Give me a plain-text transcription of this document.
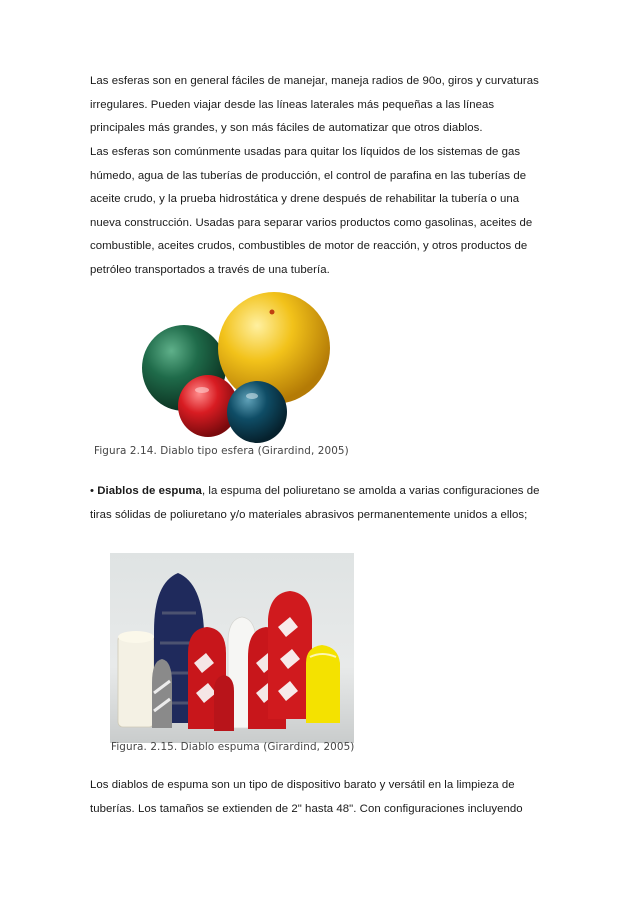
Las esferas son en general fáciles de manejar, maneja radios de 90o, giros y curvaturas irregulares. Pueden viajar desde las líneas laterales más pequeñas a las líneas principales más grandes, y son más fáciles de automatizar que otros diablos.

Las esferas son comúnmente usadas para quitar los líquidos de los sistemas de gas húmedo, agua de las tuberías de producción, el control de parafina en las tuberías de aceite crudo, y la prueba hidrostática y drene después de rehabilitar la tubería o una nueva construcción. Usadas para separar varios productos como gasolinas, aceites de combustible, aceites crudos, combustibles de motor de reacción, y otros productos de petróleo transportados a través de una tubería.

Figura 2.14. Diablo tipo esfera (Girardind, 2005)

• Diablos de espuma, la espuma del poliuretano se amolda a varias configuraciones de tiras sólidas de poliuretano y/o materiales abrasivos permanentemente unidos a ellos;

Figura. 2.15. Diablo espuma (Girardind, 2005)

Los diablos de espuma son un tipo de dispositivo barato y versátil en la limpieza de tuberías. Los tamaños se extienden de 2" hasta 48". Con configuraciones incluyendo
